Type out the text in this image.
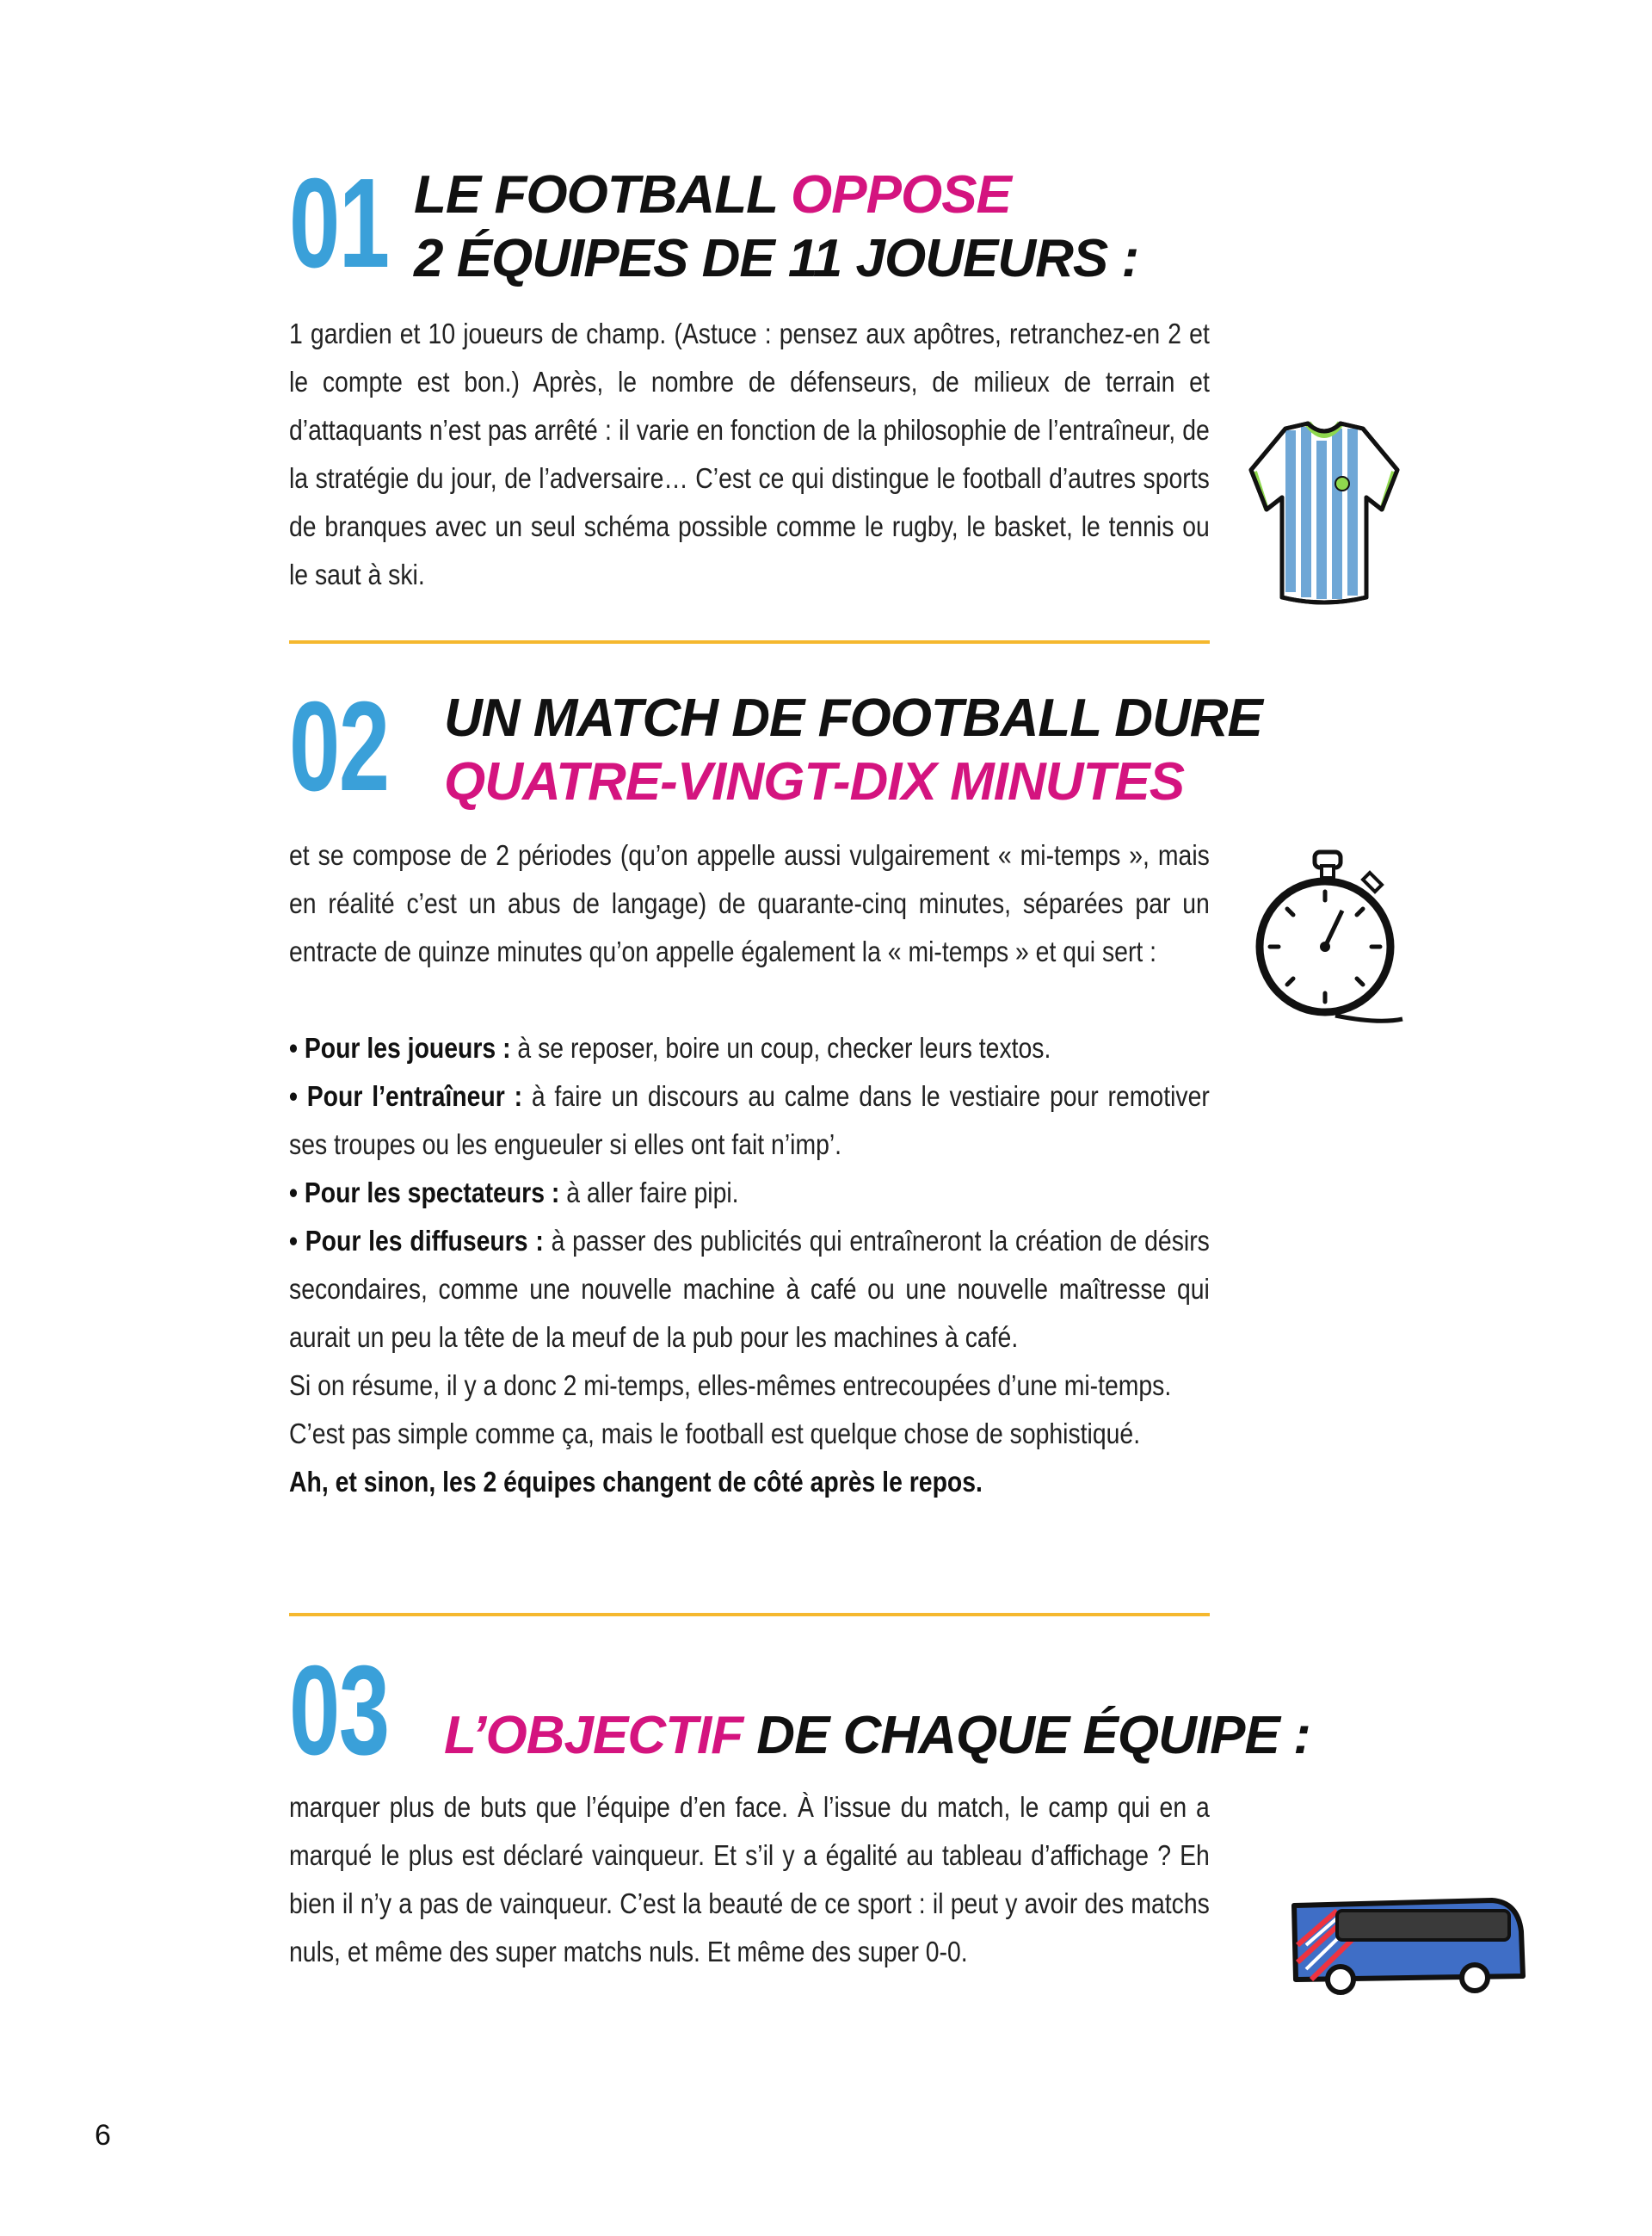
01 LE FOOTBALL OPPOSE
2 ÉQUIPES DE 11 JOUEURS :

1 gardien et 10 joueurs de champ. (Astuce : pensez aux apôtres, retranchez-en 2 et le compte est bon.) Après, le nombre de défenseurs, de milieux de terrain et d’attaquants n’est pas arrêté : il varie en fonction de la philosophie de l’entraîneur, de la stratégie du jour, de l’adversaire… C’est ce qui distingue le football d’autres sports de branques avec un seul schéma possible comme le rugby, le basket, le tennis ou le saut à ski.

02 UN MATCH DE FOOTBALL DURE
QUATRE-VINGT-DIX MINUTES

et se compose de 2 périodes (qu’on appelle aussi vulgairement « mi-temps », mais en réalité c’est un abus de langage) de quarante-cinq minutes, séparées par un entracte de quinze minutes qu’on appelle également la « mi-temps » et qui sert :

• Pour les joueurs : à se reposer, boire un coup, checker leurs textos.

• Pour l’entraîneur : à faire un discours au calme dans le vestiaire pour remotiver ses troupes ou les engueuler si elles ont fait n’imp’.

• Pour les spectateurs : à aller faire pipi.

• Pour les diffuseurs : à passer des publicités qui entraîneront la création de désirs secondaires, comme une nouvelle machine à café ou une nouvelle maîtresse qui aurait un peu la tête de la meuf de la pub pour les machines à café.

Si on résume, il y a donc 2 mi-temps, elles-mêmes entrecoupées d’une mi-temps.

C’est pas simple comme ça, mais le football est quelque chose de sophistiqué.

Ah, et sinon, les 2 équipes changent de côté après le repos.

03 L’OBJECTIF DE CHAQUE ÉQUIPE :

marquer plus de buts que l’équipe d’en face. À l’issue du match, le camp qui en a marqué le plus est déclaré vainqueur. Et s’il y a égalité au tableau d’affichage ? Eh bien il n’y a pas de vainqueur. C’est la beauté de ce sport : il peut y avoir des matchs nuls, et même des super matchs nuls. Et même des super 0-0.

6
